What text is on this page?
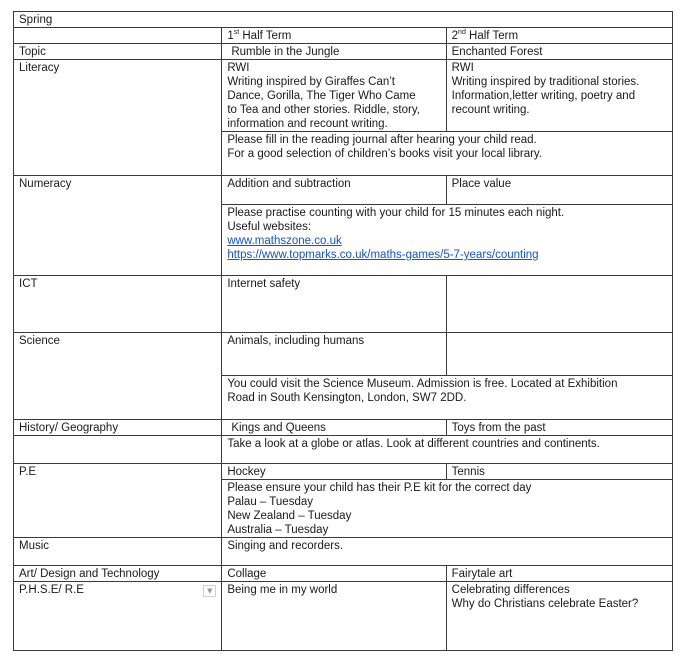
Spring		
	1st Half Term	2nd Half Term
Topic	Rumble in the Jungle	Enchanted Forest
Literacy	RWI
Writing inspired by Giraffes Can’t
Dance, Gorilla, The Tiger Who Came
to Tea and other stories. Riddle, story,
information and recount writing.	RWI
Writing inspired by traditional stories.
Information,letter writing, poetry and
recount writing.

	Please fill in the reading journal after hearing your child read.
For a good selection of children’s books visit your local library.	

Numeracy	Addition and subtraction	Place value

	Please practise counting with your child for 15 minutes each night.
Useful websites:
www.mathszone.co.uk
https://www.topmarks.co.uk/maths-games/5-7-years/counting	

ICT	Internet safety	
Science	Animals, including humans	

	You could visit the Science Museum. Admission is free. Located at Exhibition
Road in South Kensington, London, SW7 2DD.	

History/ Geography	Kings and Queens	Toys from the past

	Take a look at a globe or atlas. Look at different countries and continents.	

P.E	Hockey	Tennis

	Please ensure your child has their P.E kit for the correct day
Palau – Tuesday
New Zealand – Tuesday
Australia – Tuesday	

Music	Singing and recorders.	

Art/ Design and Technology	Collage	Fairytale art

▼
P.H.S.E/ R.E	Being me in my world	Celebrating differences
Why do Christians celebrate Easter?
